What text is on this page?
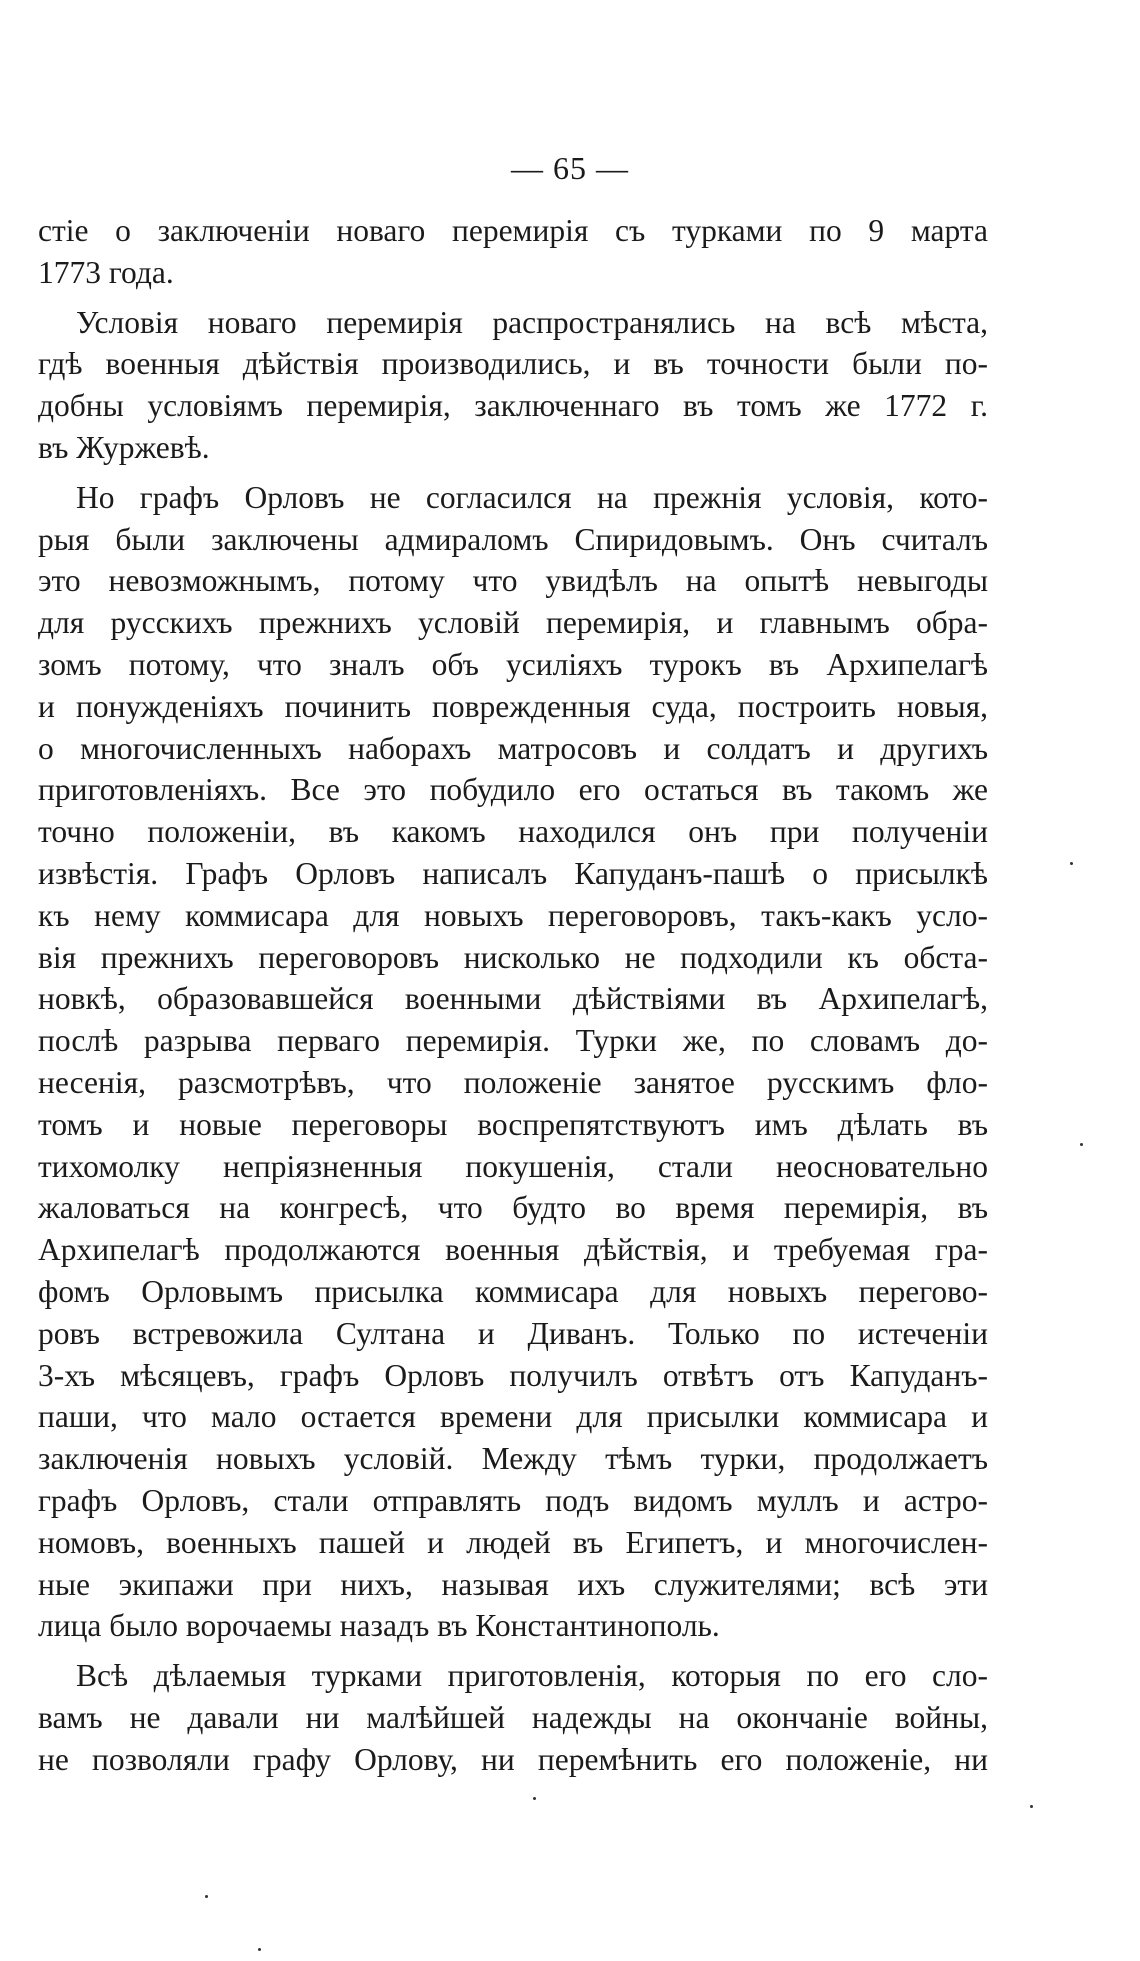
— 65 —
стіе о заключеніи новаго перемирія съ турками по 9 марта
1773 года.
Условія новаго перемирія распространялись на всѣ мѣста,
гдѣ военныя дѣйствія производились, и въ точности были по-
добны условіямъ перемирія, заключеннаго въ томъ же 1772 г.
въ Журжевѣ.
Но графъ Орловъ не согласился на прежнія условія, кото-
рыя были заключены адмираломъ Спиридовымъ. Онъ считалъ
это невозможнымъ, потому что увидѣлъ на опытѣ невыгоды
для русскихъ прежнихъ условій перемирія, и главнымъ обра-
зомъ потому, что зналъ объ усиліяхъ турокъ въ Архипелагѣ
и понужденіяхъ починить поврежденныя суда, построить новыя,
о многочисленныхъ наборахъ матросовъ и солдатъ и другихъ
приготовленіяхъ. Все это побудило его остаться въ такомъ же
точно положеніи, въ какомъ находился онъ при полученіи
извѣстія. Графъ Орловъ написалъ Капуданъ-пашѣ о присылкѣ
къ нему коммисара для новыхъ переговоровъ, такъ-какъ усло-
вія прежнихъ переговоровъ нисколько не подходили къ обста-
новкѣ, образовавшейся военными дѣйствіями въ Архипелагѣ,
послѣ разрыва перваго перемирія. Турки же, по словамъ до-
несенія, разсмотрѣвъ, что положеніе занятое русскимъ фло-
томъ и новые переговоры воспрепятствуютъ имъ дѣлать въ
тихомолку непріязненныя покушенія, стали неосновательно
жаловаться на конгресѣ, что будто во время перемирія, въ
Архипелагѣ продолжаются военныя дѣйствія, и требуемая гра-
фомъ Орловымъ присылка коммисара для новыхъ перегово-
ровъ встревожила Султана и Диванъ. Только по истеченіи
3-хъ мѣсяцевъ, графъ Орловъ получилъ отвѣтъ отъ Капуданъ-
паши, что мало остается времени для присылки коммисара и
заключенія новыхъ условій. Между тѣмъ турки, продолжаетъ
графъ Орловъ, стали отправлять подъ видомъ муллъ и астро-
номовъ, военныхъ пашей и людей въ Египетъ, и многочислен-
ные экипажи при нихъ, называя ихъ служителями; всѣ эти
лица было ворочаемы назадъ въ Константинополь.
Всѣ дѣлаемыя турками приготовленія, которыя по его сло-
вамъ не давали ни малѣйшей надежды на окончаніе войны,
не позволяли графу Орлову, ни перемѣнить его положеніе, ни
